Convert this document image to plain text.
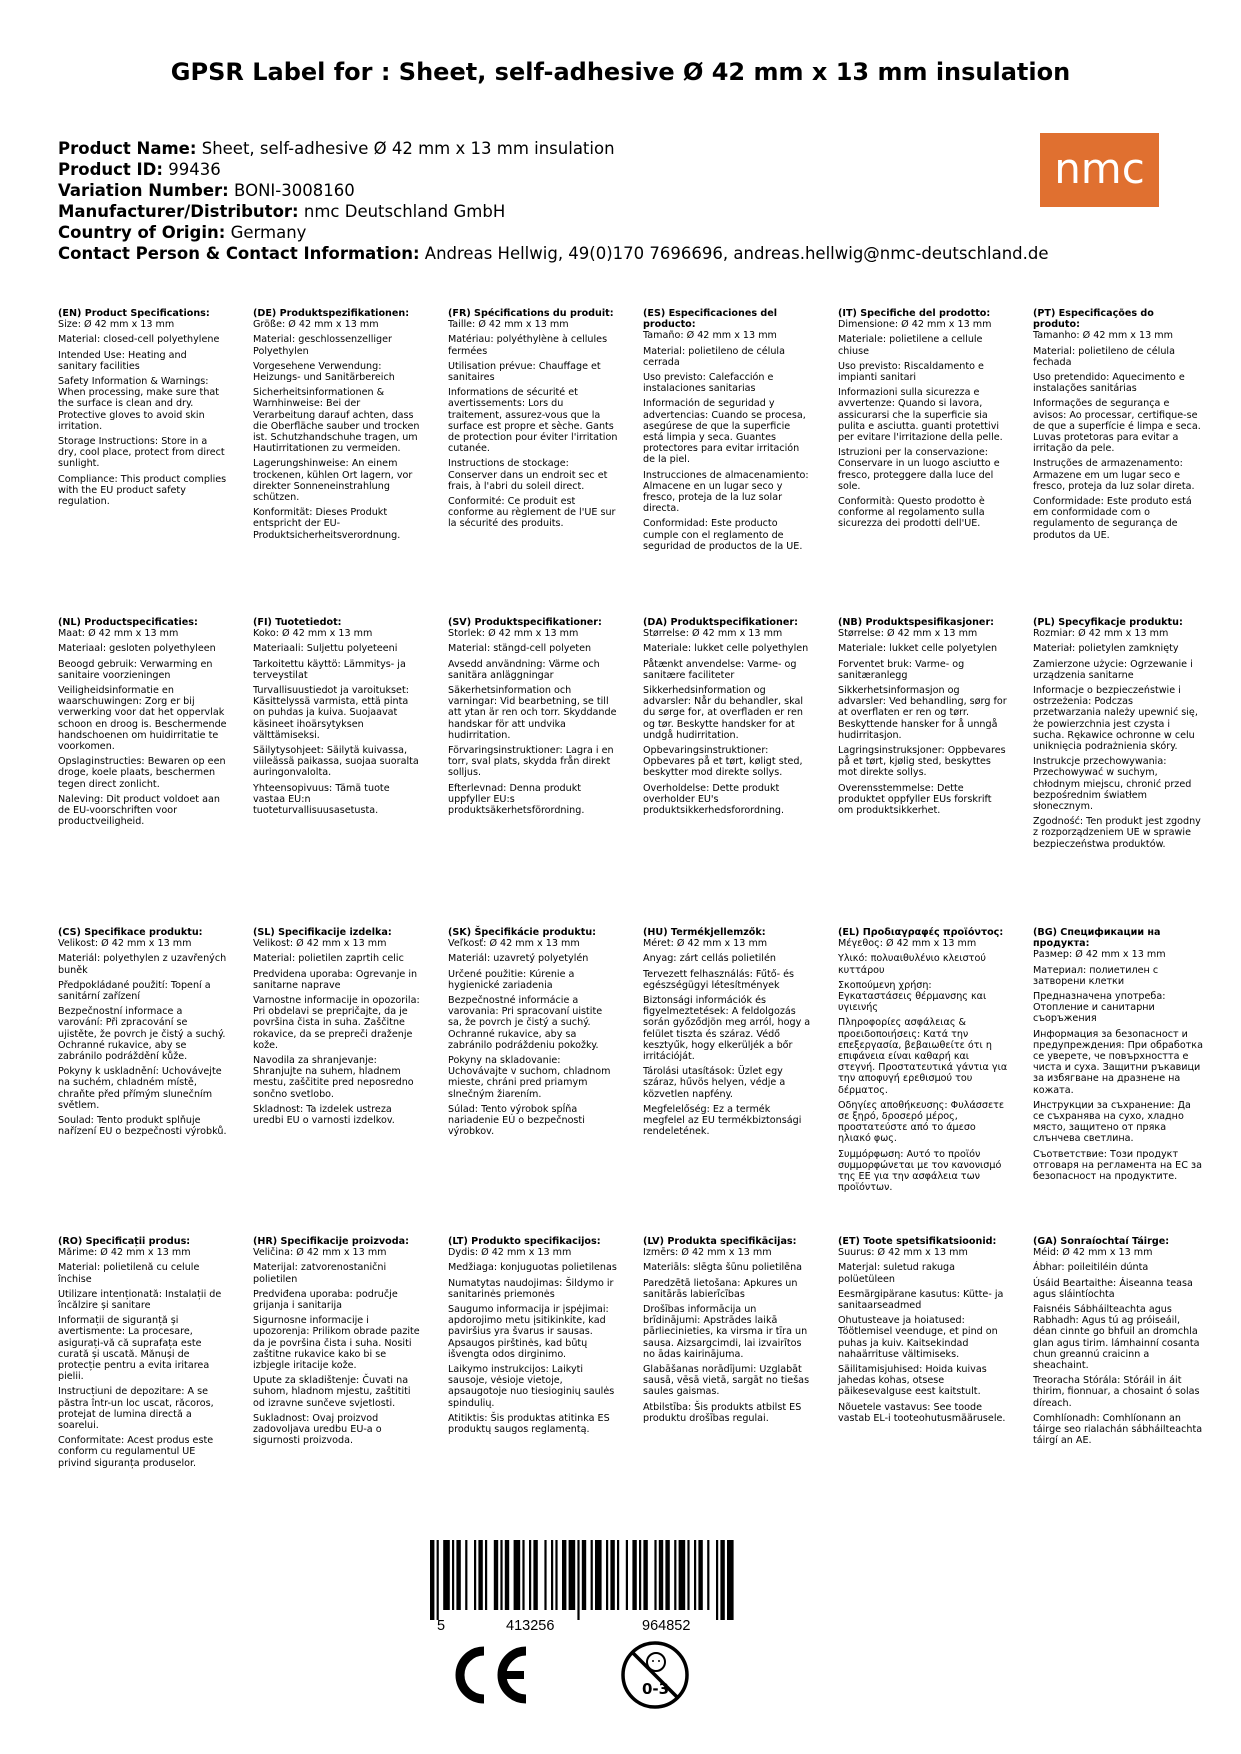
GPSR Label for : Sheet, self-adhesive Ø 42 mm x 13 mm insulation
Product Name: Sheet, self-adhesive Ø 42 mm x 13 mm insulation
Product ID: 99436
Variation Number: BONI-3008160
Manufacturer/Distributor: nmc Deutschland GmbH
Country of Origin: Germany
Contact Person & Contact Information: Andreas Hellwig, 49(0)170 7696696, andreas.hellwig@nmc-deutschland.de
nmc
(EN) Product Specifications:

Size: Ø 42 mm x 13 mm

Material: closed-cell polyethylene

Intended Use: Heating and sanitary facilities

Safety Information & Warnings: When processing, make sure that the surface is clean and dry. Protective gloves to avoid skin irritation.

Storage Instructions: Store in a dry, cool place, protect from direct sunlight.

Compliance: This product complies with the EU product safety regulation.

(DE) Produktspezifikationen:

Größe: Ø 42 mm x 13 mm

Material: geschlossenzelliger Polyethylen

Vorgesehene Verwendung: Heizungs- und Sanitärbereich

Sicherheitsinformationen & Warnhinweise: Bei der Verarbeitung darauf achten, dass die Oberfläche sauber und trocken ist. Schutzhandschuhe tragen, um Hautirritationen zu vermeiden.

Lagerungshinweise: An einem trockenen, kühlen Ort lagern, vor direkter Sonneneinstrahlung schützen.

Konformität: Dieses Produkt entspricht der EU-Produktsicherheitsverordnung.

(FR) Spécifications du produit:

Taille: Ø 42 mm x 13 mm

Matériau: polyéthylène à cellules fermées

Utilisation prévue: Chauffage et sanitaires

Informations de sécurité et avertissements: Lors du traitement, assurez-vous que la surface est propre et sèche. Gants de protection pour éviter l'irritation cutanée.

Instructions de stockage: Conserver dans un endroit sec et frais, à l'abri du soleil direct.

Conformité: Ce produit est conforme au règlement de l'UE sur la sécurité des produits.

(ES) Especificaciones del producto:

Tamaño: Ø 42 mm x 13 mm

Material: polietileno de célula cerrada

Uso previsto: Calefacción e instalaciones sanitarias

Información de seguridad y advertencias: Cuando se procesa, asegúrese de que la superficie está limpia y seca. Guantes protectores para evitar irritación de la piel.

Instrucciones de almacenamiento: Almacene en un lugar seco y fresco, proteja de la luz solar directa.

Conformidad: Este producto cumple con el reglamento de seguridad de productos de la UE.

(IT) Specifiche del prodotto:

Dimensione: Ø 42 mm x 13 mm

Materiale: polietilene a cellule chiuse

Uso previsto: Riscaldamento e impianti sanitari

Informazioni sulla sicurezza e avvertenze: Quando si lavora, assicurarsi che la superficie sia pulita e asciutta. guanti protettivi per evitare l'irritazione della pelle.

Istruzioni per la conservazione: Conservare in un luogo asciutto e fresco, proteggere dalla luce del sole.

Conformità: Questo prodotto è conforme al regolamento sulla sicurezza dei prodotti dell'UE.

(PT) Especificações do produto:

Tamanho: Ø 42 mm x 13 mm

Material: polietileno de célula fechada

Uso pretendido: Aquecimento e instalações sanitárias

Informações de segurança e avisos: Ao processar, certifique-se de que a superfície é limpa e seca. Luvas protetoras para evitar a irritação da pele.

Instruções de armazenamento: Armazene em um lugar seco e fresco, proteja da luz solar direta.

Conformidade: Este produto está em conformidade com o regulamento de segurança de produtos da UE.

(NL) Productspecificaties:

Maat: Ø 42 mm x 13 mm

Materiaal: gesloten polyethyleen

Beoogd gebruik: Verwarming en sanitaire voorzieningen

Veiligheidsinformatie en waarschuwingen: Zorg er bij verwerking voor dat het oppervlak schoon en droog is. Beschermende handschoenen om huidirritatie te voorkomen.

Opslaginstructies: Bewaren op een droge, koele plaats, beschermen tegen direct zonlicht.

Naleving: Dit product voldoet aan de EU-voorschriften voor productveiligheid.

(FI) Tuotetiedot:

Koko: Ø 42 mm x 13 mm

Materiaali: Suljettu polyeteeni

Tarkoitettu käyttö: Lämmitys- ja terveystilat

Turvallisuustiedot ja varoitukset: Käsittelyssä varmista, että pinta on puhdas ja kuiva. Suojaavat käsineet ihoärsytyksen välttämiseksi.

Säilytysohjeet: Säilytä kuivassa, viileässä paikassa, suojaa suoralta auringonvalolta.

Yhteensopivuus: Tämä tuote vastaa EU:n tuoteturvallisuusasetusta.

(SV) Produktspecifikationer:

Storlek: Ø 42 mm x 13 mm

Material: stängd-cell polyeten

Avsedd användning: Värme och sanitära anläggningar

Säkerhetsinformation och varningar: Vid bearbetning, se till att ytan är ren och torr. Skyddande handskar för att undvika hudirritation.

Förvaringsinstruktioner: Lagra i en torr, sval plats, skydda från direkt solljus.

Efterlevnad: Denna produkt uppfyller EU:s produktsäkerhetsförordning.

(DA) Produktspecifikationer:

Størrelse: Ø 42 mm x 13 mm

Materiale: lukket celle polyethylen

Påtænkt anvendelse: Varme- og sanitære faciliteter

Sikkerhedsinformation og advarsler: Når du behandler, skal du sørge for, at overfladen er ren og tør. Beskytte handsker for at undgå hudirritation.

Opbevaringsinstruktioner: Opbevares på et tørt, køligt sted, beskytter mod direkte sollys.

Overholdelse: Dette produkt overholder EU's produktsikkerhedsforordning.

(NB) Produktspesifikasjoner:

Størrelse: Ø 42 mm x 13 mm

Materiale: lukket celle polyetylen

Forventet bruk: Varme- og sanitæranlegg

Sikkerhetsinformasjon og advarsler: Ved behandling, sørg for at overflaten er ren og tørr. Beskyttende hansker for å unngå hudirritasjon.

Lagringsinstruksjoner: Oppbevares på et tørt, kjølig sted, beskyttes mot direkte sollys.

Overensstemmelse: Dette produktet oppfyller EUs forskrift om produktsikkerhet.

(PL) Specyfikacje produktu:

Rozmiar: Ø 42 mm x 13 mm

Materiał: polietylen zamknięty

Zamierzone użycie: Ogrzewanie i urządzenia sanitarne

Informacje o bezpieczeństwie i ostrzeżenia: Podczas przetwarzania należy upewnić się, że powierzchnia jest czysta i sucha. Rękawice ochronne w celu uniknięcia podrażnienia skóry.

Instrukcje przechowywania: Przechowywać w suchym, chłodnym miejscu, chronić przed bezpośrednim światłem słonecznym.

Zgodność: Ten produkt jest zgodny z rozporządzeniem UE w sprawie bezpieczeństwa produktów.

(CS) Specifikace produktu:

Velikost: Ø 42 mm x 13 mm

Materiál: polyethylen z uzavřených buněk

Předpokládané použití: Topení a sanitární zařízení

Bezpečnostní informace a varování: Při zpracování se ujistěte, že povrch je čistý a suchý. Ochranné rukavice, aby se zabránilo podráždění kůže.

Pokyny k uskladnění: Uchovávejte na suchém, chladném místě, chraňte před přímým slunečním světlem.

Soulad: Tento produkt splňuje nařízení EU o bezpečnosti výrobků.

(SL) Specifikacije izdelka:

Velikost: Ø 42 mm x 13 mm

Material: polietilen zaprtih celic

Predvidena uporaba: Ogrevanje in sanitarne naprave

Varnostne informacije in opozorila: Pri obdelavi se prepričajte, da je površina čista in suha. Zaščitne rokavice, da se prepreči draženje kože.

Navodila za shranjevanje: Shranjujte na suhem, hladnem mestu, zaščitite pred neposredno sončno svetlobo.

Skladnost: Ta izdelek ustreza uredbi EU o varnosti izdelkov.

(SK) Špecifikácie produktu:

Veľkosť: Ø 42 mm x 13 mm

Materiál: uzavretý polyetylén

Určené použitie: Kúrenie a hygienické zariadenia

Bezpečnostné informácie a varovania: Pri spracovaní uistite sa, že povrch je čistý a suchý. Ochranné rukavice, aby sa zabránilo podráždeniu pokožky.

Pokyny na skladovanie: Uchovávajte v suchom, chladnom mieste, chráni pred priamym slnečným žiarením.

Súlad: Tento výrobok spĺňa nariadenie EÚ o bezpečnosti výrobkov.

(HU) Termékjellemzők:

Méret: Ø 42 mm x 13 mm

Anyag: zárt cellás polietilén

Tervezett felhasználás: Fűtő- és egészségügyi létesítmények

Biztonsági információk és figyelmeztetések: A feldolgozás során győződjön meg arról, hogy a felület tiszta és száraz. Védő kesztyűk, hogy elkerüljék a bőr irritációját.

Tárolási utasítások: Üzlet egy száraz, hűvös helyen, védje a közvetlen napfény.

Megfelelőség: Ez a termék megfelel az EU termékbiztonsági rendeletének.

(EL) Προδιαγραφές προϊόντος:

Μέγεθος: Ø 42 mm x 13 mm

Υλικό: πολυαιθυλένιο κλειστού κυττάρου

Σκοπούμενη χρήση: Εγκαταστάσεις θέρμανσης και υγιεινής

Πληροφορίες ασφάλειας & προειδοποιήσεις: Κατά την επεξεργασία, βεβαιωθείτε ότι η επιφάνεια είναι καθαρή και στεγνή. Προστατευτικά γάντια για την αποφυγή ερεθισμού του δέρματος.

Οδηγίες αποθήκευσης: Φυλάσσετε σε ξηρό, δροσερό μέρος, προστατεύστε από το άμεσο ηλιακό φως.

Συμμόρφωση: Αυτό το προϊόν συμμορφώνεται με τον κανονισμό της ΕΕ για την ασφάλεια των προϊόντων.

(BG) Спецификации на продукта:

Размер: Ø 42 mm x 13 mm

Материал: полиетилен с затворени клетки

Предназначена употреба: Отопление и санитарни съоръжения

Информация за безопасност и предупреждения: При обработка се уверете, че повърхността е чиста и суха. Защитни ръкавици за избягване на дразнене на кожата.

Инструкции за съхранение: Да се съхранява на сухо, хладно място, защитено от пряка слънчева светлина.

Съответствие: Този продукт отговаря на регламента на ЕС за безопасност на продуктите.

(RO) Specificații produs:

Mărime: Ø 42 mm x 13 mm

Material: polietilenă cu celule închise

Utilizare intenționată: Instalații de încălzire și sanitare

Informații de siguranță și avertismente: La procesare, asigurați-vă că suprafața este curată și uscată. Mănuși de protecție pentru a evita iritarea pielii.

Instrucțiuni de depozitare: A se păstra într-un loc uscat, răcoros, protejat de lumina directă a soarelui.

Conformitate: Acest produs este conform cu regulamentul UE privind siguranța produselor.

(HR) Specifikacije proizvoda:

Veličina: Ø 42 mm x 13 mm

Materijal: zatvorenostanični polietilen

Predviđena uporaba: područje grijanja i sanitarija

Sigurnosne informacije i upozorenja: Prilikom obrade pazite da je površina čista i suha. Nositi zaštitne rukavice kako bi se izbjegle iritacije kože.

Upute za skladištenje: Čuvati na suhom, hladnom mjestu, zaštititi od izravne sunčeve svjetlosti.

Sukladnost: Ovaj proizvod zadovoljava uredbu EU-a o sigurnosti proizvoda.

(LT) Produkto specifikacijos:

Dydis: Ø 42 mm x 13 mm

Medžiaga: konjuguotas polietilenas

Numatytas naudojimas: Šildymo ir sanitarinės priemonės

Saugumo informacija ir įspėjimai: apdorojimo metu įsitikinkite, kad paviršius yra švarus ir sausas. Apsaugos pirštinės, kad būtų išvengta odos dirginimo.

Laikymo instrukcijos: Laikyti sausoje, vėsioje vietoje, apsaugotoje nuo tiesioginių saulės spindulių.

Atitiktis: Šis produktas atitinka ES produktų saugos reglamentą.

(LV) Produkta specifikācijas:

Izmērs: Ø 42 mm x 13 mm

Materiāls: slēgta šūnu polietilēna

Paredzētā lietošana: Apkures un sanitārās labierīcības

Drošības informācija un brīdinājumi: Apstrādes laikā pārliecinieties, ka virsma ir tīra un sausa. Aizsargcimdi, lai izvairītos no ādas kairinājuma.

Glabāšanas norādījumi: Uzglabāt sausā, vēsā vietā, sargāt no tiešas saules gaismas.

Atbilstība: Šis produkts atbilst ES produktu drošības regulai.

(ET) Toote spetsifikatsioonid:

Suurus: Ø 42 mm x 13 mm

Materjal: suletud rakuga polüetüleen

Eesmärgipärane kasutus: Kütte- ja sanitaarseadmed

Ohutusteave ja hoiatused: Töötlemisel veenduge, et pind on puhas ja kuiv. Kaitsekindad nahaärrituse vältimiseks.

Säilitamisjuhised: Hoida kuivas jahedas kohas, otsese päikesevalguse eest kaitstult.

Nõuetele vastavus: See toode vastab EL-i tooteohutusmäärusele.

(GA) Sonraíochtaí Táirge:

Méid: Ø 42 mm x 13 mm

Ábhar: poileitiléin dúnta

Úsáid Beartaithe: Áiseanna teasa agus sláintíochta

Faisnéis Sábháilteachta agus Rabhadh: Agus tú ag próiseáil, déan cinnte go bhfuil an dromchla glan agus tirim. lámhainní cosanta chun greannú craicinn a sheachaint.

Treoracha Stórála: Stóráil in áit thirim, fionnuar, a chosaint ó solas díreach.

Comhlíonadh: Comhlíonann an táirge seo rialachán sábháilteachta táirgí an AE.

5	413256	964852
0-3
